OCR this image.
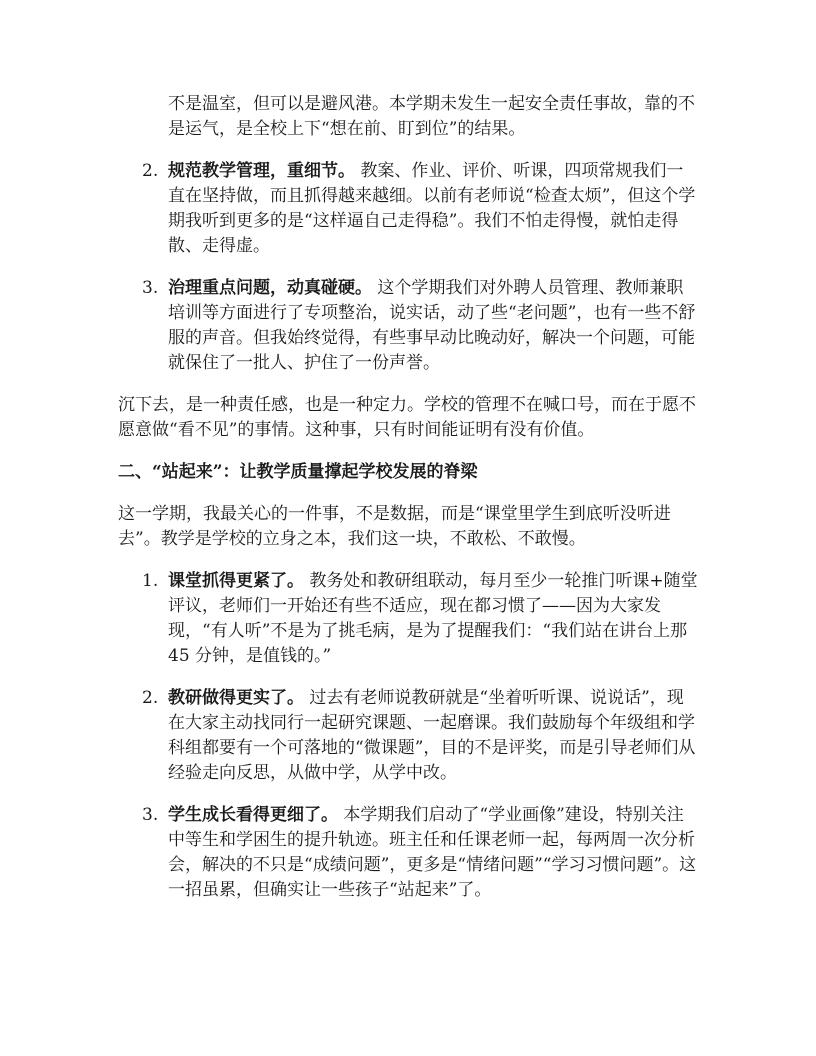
不是温室，但可以是避风港。本学期未发生一起安全责任事故，靠的不是运气，是全校上下“想在前、盯到位”的结果。
2. 规范教学管理，重细节。 教案、作业、评价、听课，四项常规我们一直在坚持做，而且抓得越来越细。以前有老师说“检查太烦”，但这个学期我听到更多的是“这样逼自己走得稳”。我们不怕走得慢，就怕走得散、走得虚。
3. 治理重点问题，动真碰硬。 这个学期我们对外聘人员管理、教师兼职培训等方面进行了专项整治，说实话，动了些“老问题”，也有一些不舒服的声音。但我始终觉得，有些事早动比晚动好，解决一个问题，可能就保住了一批人、护住了一份声誉。

沉下去，是一种责任感，也是一种定力。学校的管理不在喊口号，而在于愿不愿意做“看不见”的事情。这种事，只有时间能证明有没有价值。

二、“站起来”：让教学质量撑起学校发展的脊梁

这一学期，我最关心的一件事，不是数据，而是“课堂里学生到底听没听进去”。教学是学校的立身之本，我们这一块，不敢松、不敢慢。

1. 课堂抓得更紧了。 教务处和教研组联动，每月至少一轮推门听课+随堂评议，老师们一开始还有些不适应，现在都习惯了——因为大家发现，“有人听”不是为了挑毛病，是为了提醒我们：“我们站在讲台上那 45 分钟，是值钱的。”
2. 教研做得更实了。 过去有老师说教研就是“坐着听听课、说说话”，现在大家主动找同行一起研究课题、一起磨课。我们鼓励每个年级组和学科组都要有一个可落地的“微课题”，目的不是评奖，而是引导老师们从经验走向反思，从做中学，从学中改。
3. 学生成长看得更细了。 本学期我们启动了“学业画像”建设，特别关注中等生和学困生的提升轨迹。班主任和任课老师一起，每两周一次分析会，解决的不只是“成绩问题”，更多是“情绪问题”“学习习惯问题”。这一招虽累，但确实让一些孩子“站起来”了。
